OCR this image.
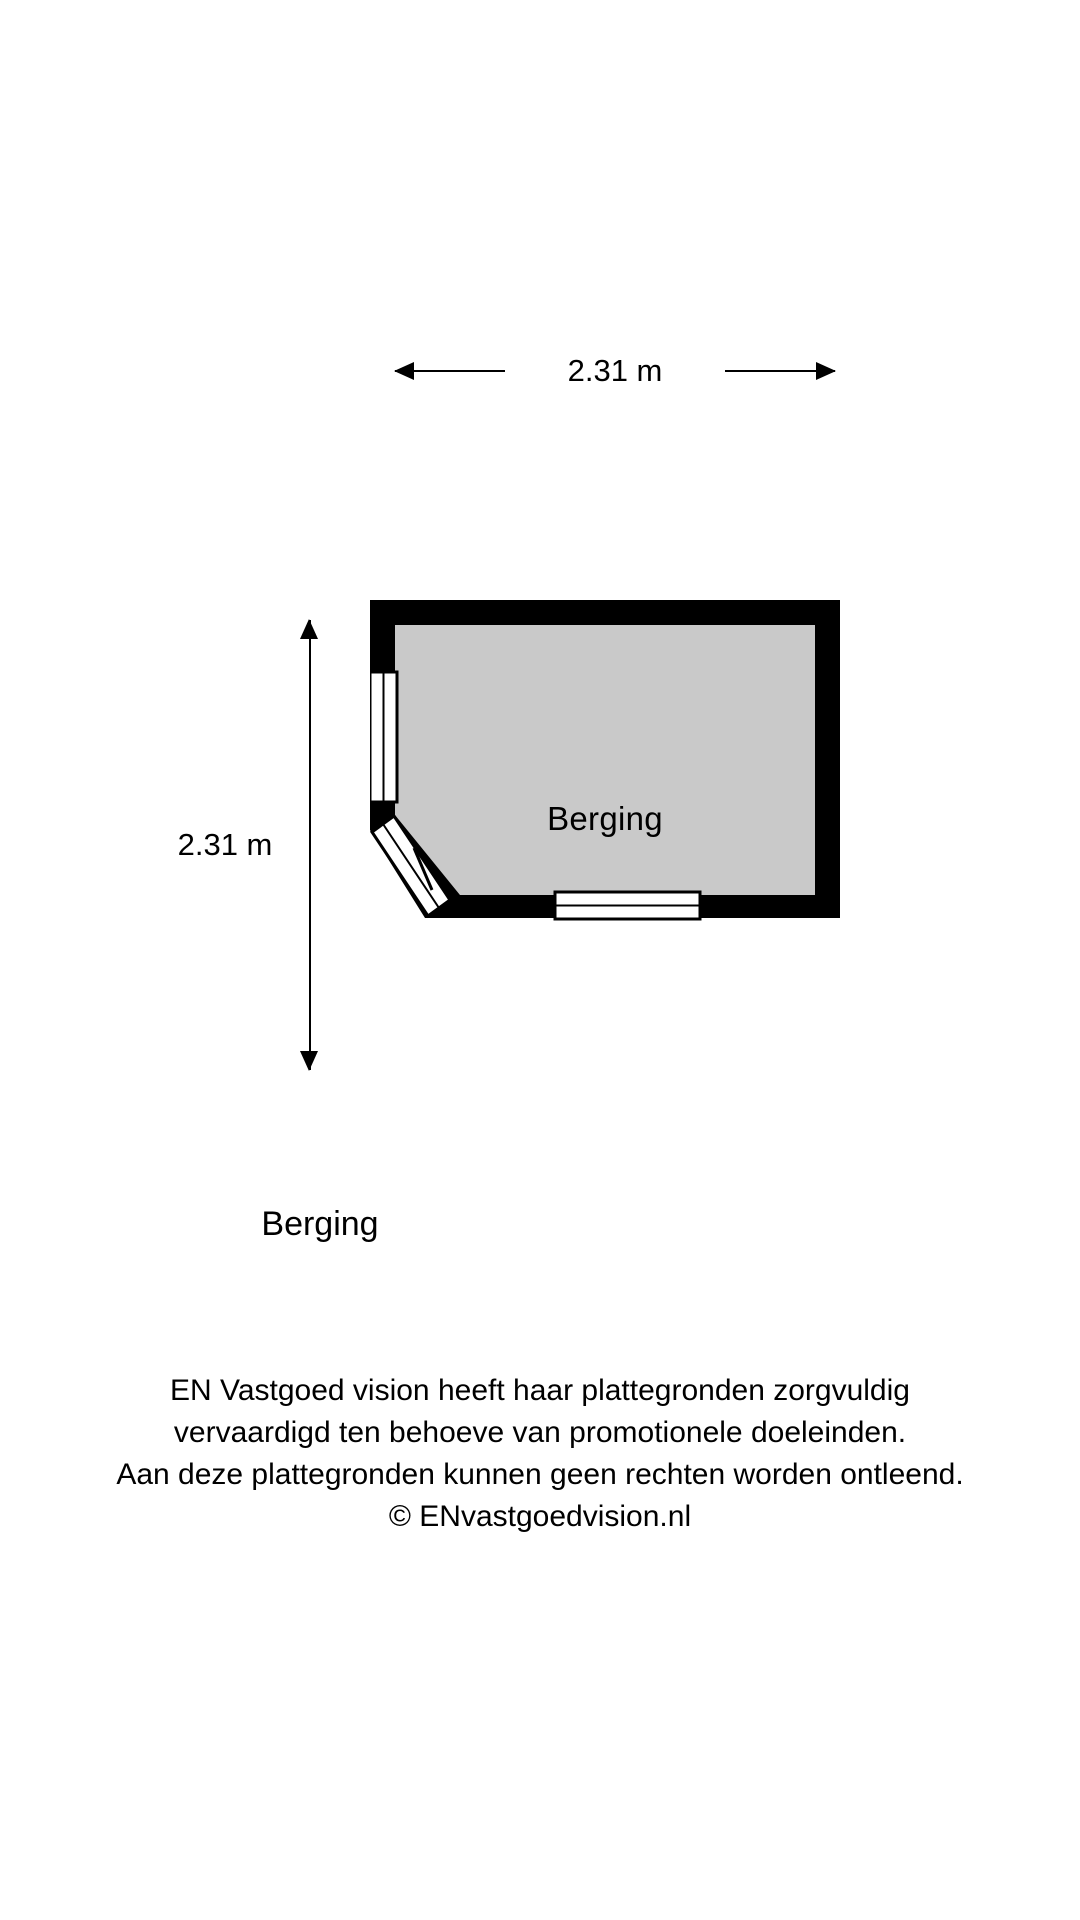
2.31 m
2.31 m
Berging
Berging
EN Vastgoed vision heeft haar plattegronden zorgvuldig
vervaardigd ten behoeve van promotionele doeleinden.
Aan deze plattegronden kunnen geen rechten worden ontleend.
© ENvastgoedvision.nl
